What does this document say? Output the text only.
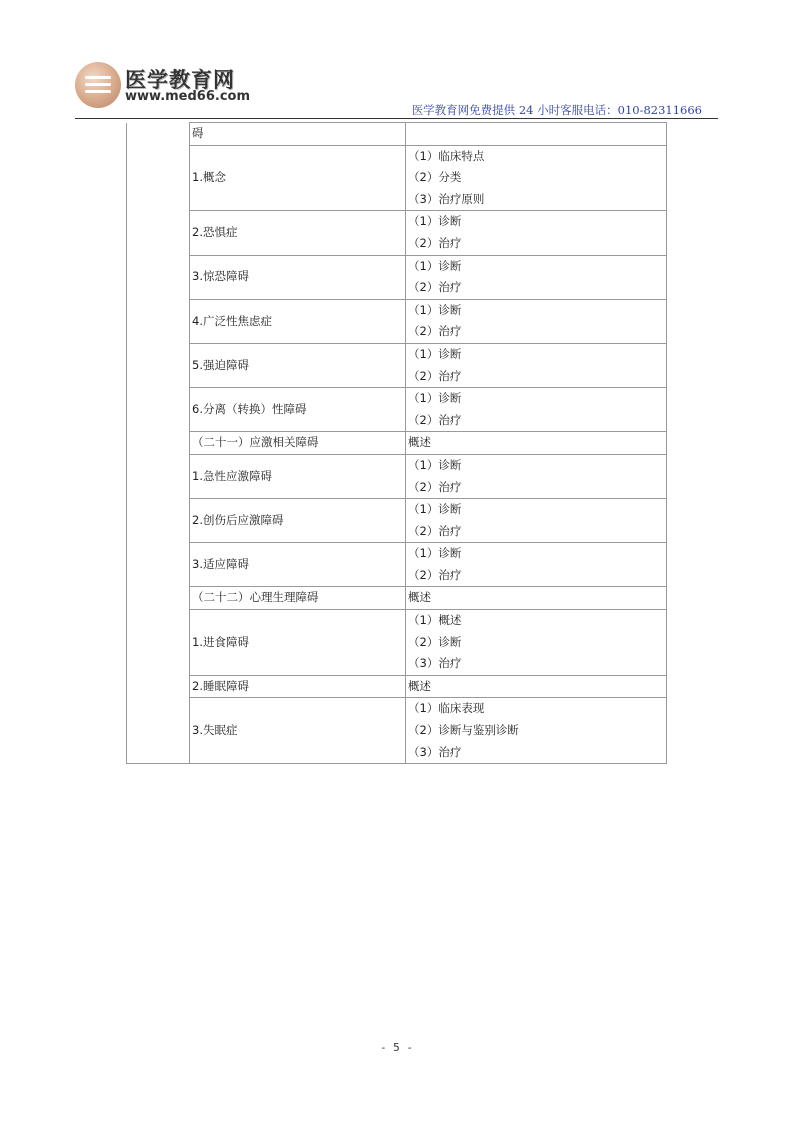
医学教育网
www.med66.com
医学教育网免费提供 24 小时客服电话：010-82311666
	碍	

	1.概念	（1）临床特点
（2）分类
（3）治疗原则

	2.恐惧症	（1）诊断
（2）治疗

	3.惊恐障碍	（1）诊断
（2）治疗

	4.广泛性焦虑症	（1）诊断
（2）治疗

	5.强迫障碍	（1）诊断
（2）治疗

	6.分离（转换）性障碍	（1）诊断
（2）治疗

	（二十一）应激相关障碍	概述

	1.急性应激障碍	（1）诊断
（2）治疗

	2.创伤后应激障碍	（1）诊断
（2）治疗

	3.适应障碍	（1）诊断
（2）治疗

	（二十二）心理生理障碍	概述

	1.进食障碍	（1）概述
（2）诊断
（3）治疗

	2.睡眠障碍	概述

	3.失眠症	（1）临床表现
（2）诊断与鉴别诊断
（3）治疗
- 5 -
